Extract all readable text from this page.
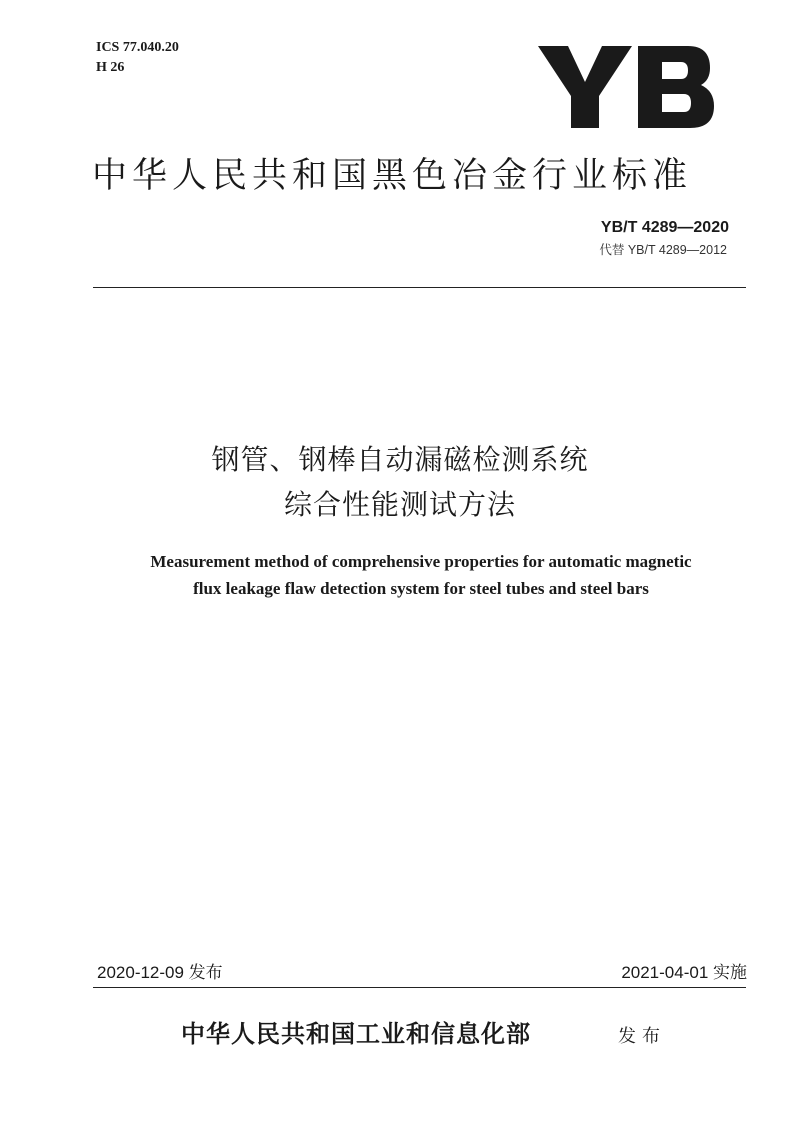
ICS 77.040.20
H 26
中华人民共和国黑色冶金行业标准
YB/T 4289—2020
代替 YB/T 4289—2012
钢管、钢棒自动漏磁检测系统
综合性能测试方法
Measurement method of comprehensive properties for automatic magnetic
flux leakage flaw detection system for steel tubes and steel bars
2020-12-09 发布	2021-04-01 实施
中华人民共和国工业和信息化部	发布
